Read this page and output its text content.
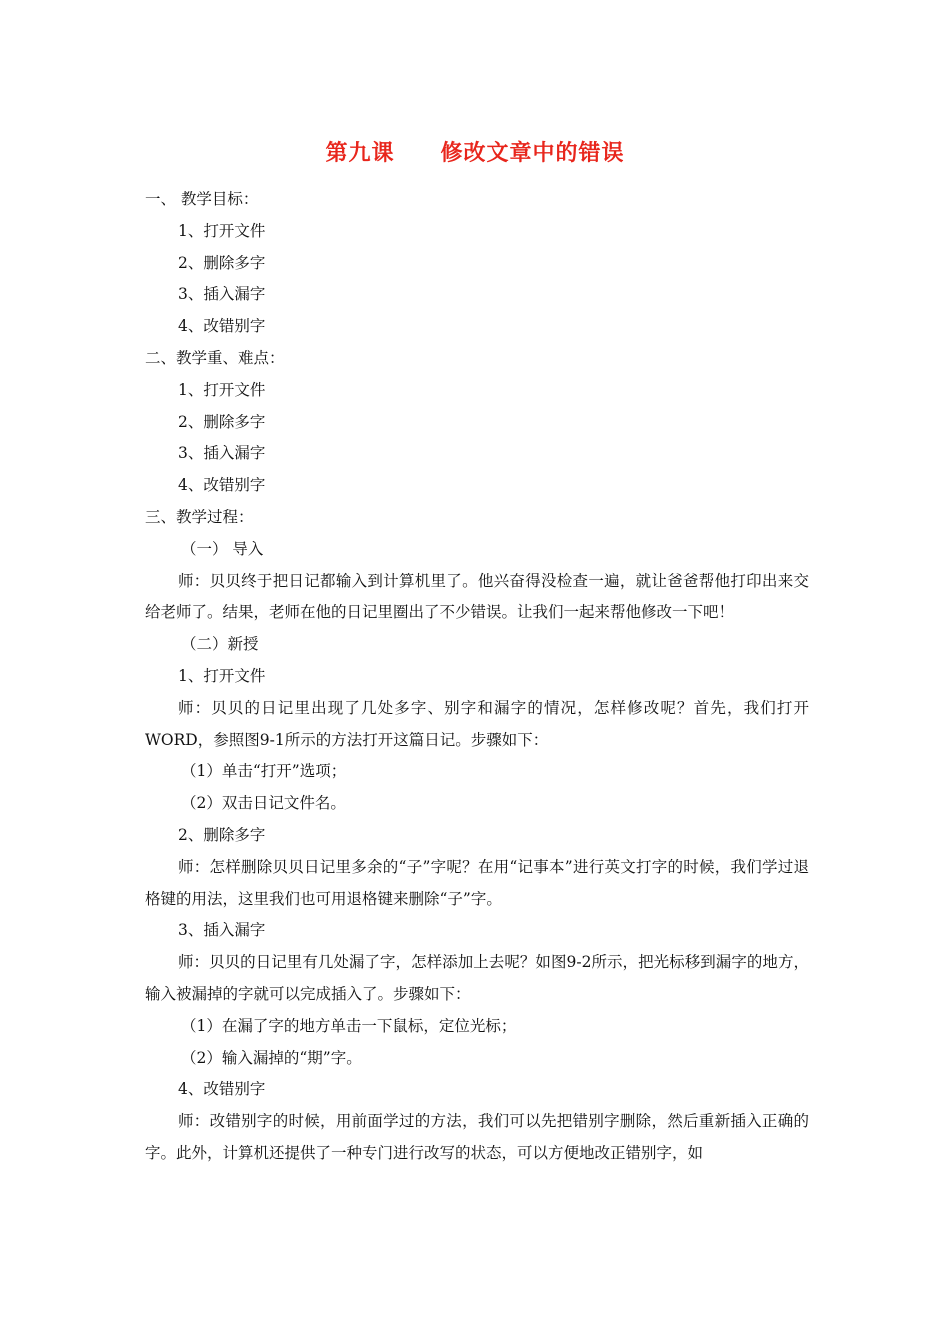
第九课　　修改文章中的错误

一、 教学目标：

1、打开文件

2、删除多字

3、插入漏字

4、改错别字

二、教学重、难点：

1、打开文件

2、删除多字

3、插入漏字

4、改错别字

三、教学过程：

（一） 导入

师：贝贝终于把日记都输入到计算机里了。他兴奋得没检查一遍，就让爸爸帮他打印出来交给老师了。结果，老师在他的日记里圈出了不少错误。让我们一起来帮他修改一下吧！

（二）新授

1、打开文件

师：贝贝的日记里出现了几处多字、别字和漏字的情况，怎样修改呢？首先，我们打开WORD，参照图9-1所示的方法打开这篇日记。步骤如下：

（1）单击“打开”选项；

（2）双击日记文件名。

2、删除多字

师：怎样删除贝贝日记里多余的“子”字呢？在用“记事本”进行英文打字的时候，我们学过退格键的用法，这里我们也可用退格键来删除“子”字。

3、插入漏字

师：贝贝的日记里有几处漏了字，怎样添加上去呢？如图9-2所示，把光标移到漏字的地方，输入被漏掉的字就可以完成插入了。步骤如下：

（1）在漏了字的地方单击一下鼠标，定位光标；

（2）输入漏掉的“期”字。

4、改错别字

师：改错别字的时候，用前面学过的方法，我们可以先把错别字删除，然后重新插入正确的字。此外，计算机还提供了一种专门进行改写的状态，可以方便地改正错别字，如
